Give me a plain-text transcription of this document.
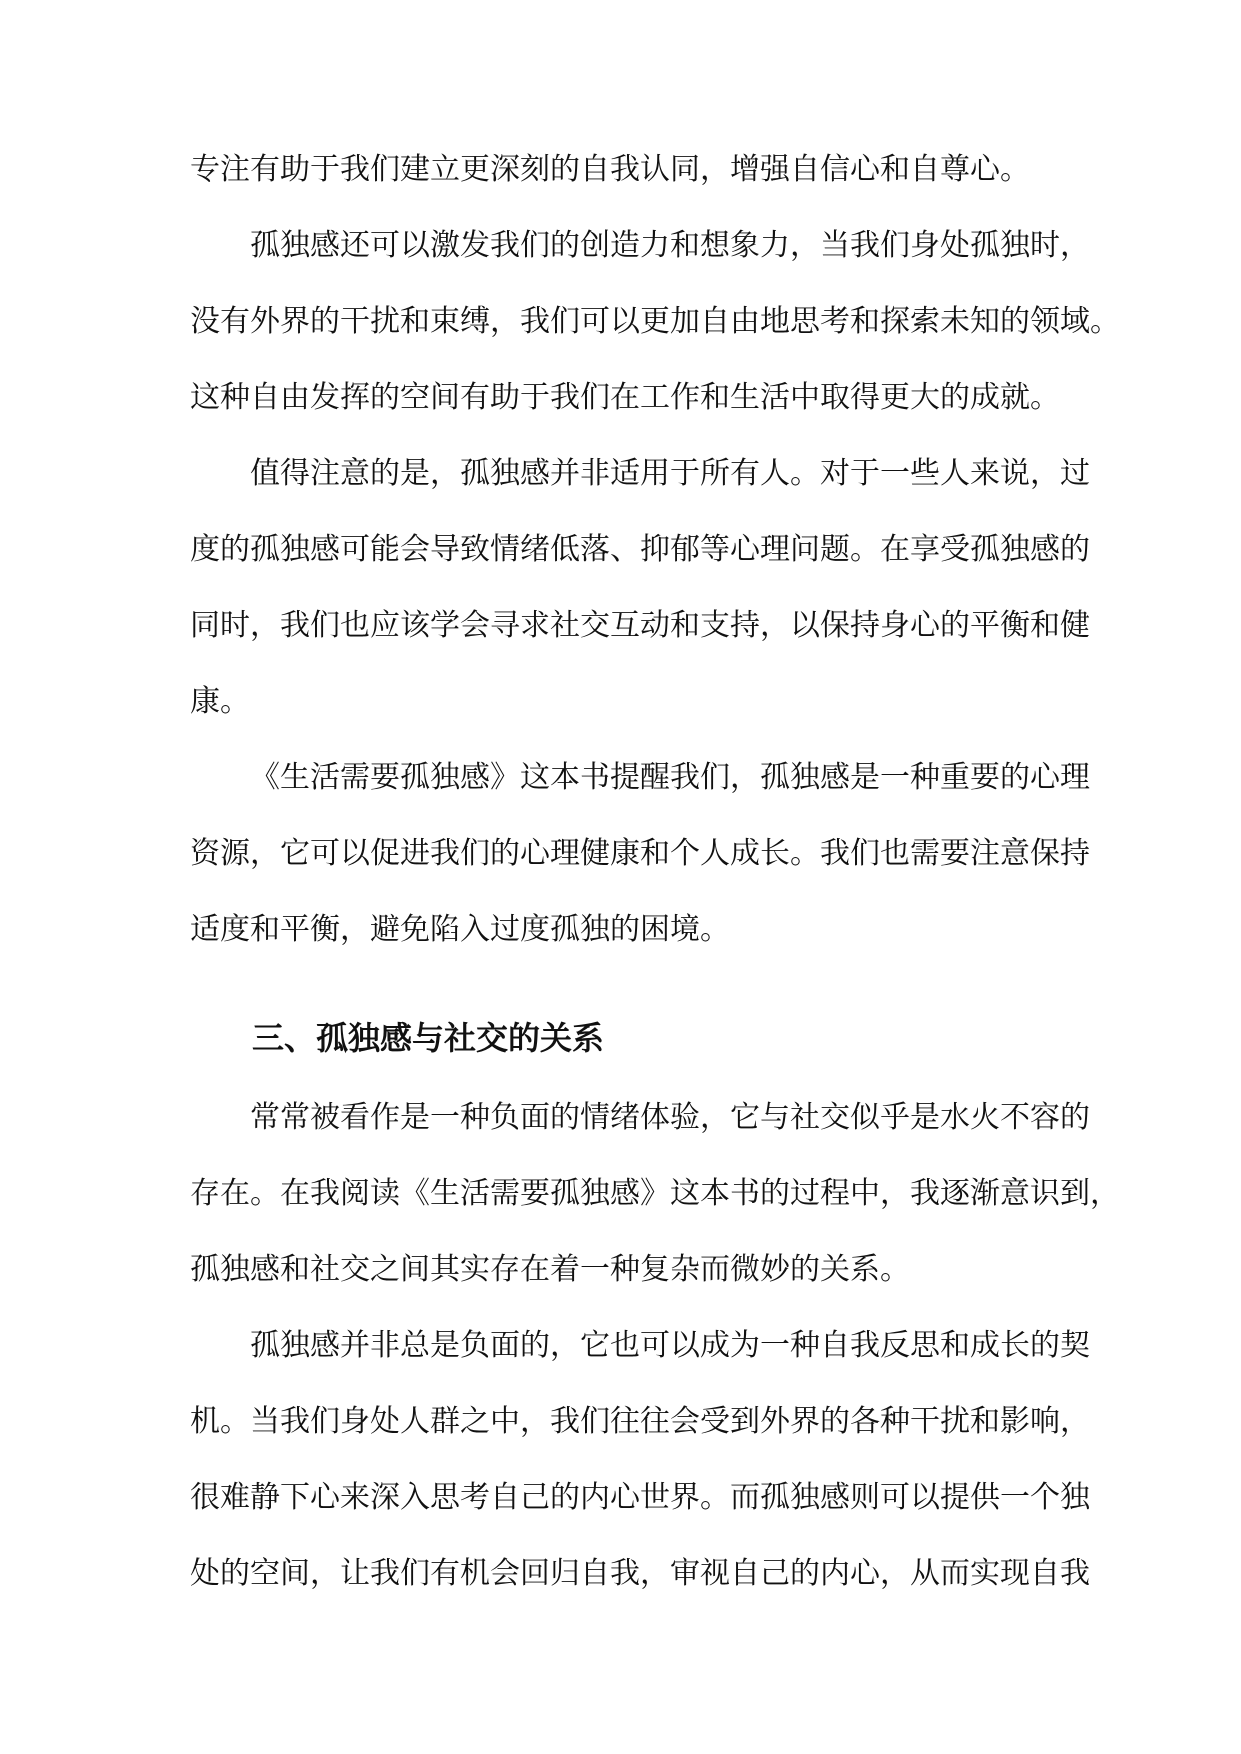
专注有助于我们建立更深刻的自我认同，增强自信心和自尊心。

孤独感还可以激发我们的创造力和想象力，当我们身处孤独时，

没有外界的干扰和束缚，我们可以更加自由地思考和探索未知的领域。

这种自由发挥的空间有助于我们在工作和生活中取得更大的成就。

值得注意的是，孤独感并非适用于所有人。对于一些人来说，过

度的孤独感可能会导致情绪低落、抑郁等心理问题。在享受孤独感的

同时，我们也应该学会寻求社交互动和支持，以保持身心的平衡和健

康。

《生活需要孤独感》这本书提醒我们，孤独感是一种重要的心理

资源，它可以促进我们的心理健康和个人成长。我们也需要注意保持

适度和平衡，避免陷入过度孤独的困境。

三、孤独感与社交的关系

常常被看作是一种负面的情绪体验，它与社交似乎是水火不容的

存在。在我阅读《生活需要孤独感》这本书的过程中，我逐渐意识到，

孤独感和社交之间其实存在着一种复杂而微妙的关系。

孤独感并非总是负面的，它也可以成为一种自我反思和成长的契

机。当我们身处人群之中，我们往往会受到外界的各种干扰和影响，

很难静下心来深入思考自己的内心世界。而孤独感则可以提供一个独

处的空间，让我们有机会回归自我，审视自己的内心，从而实现自我
